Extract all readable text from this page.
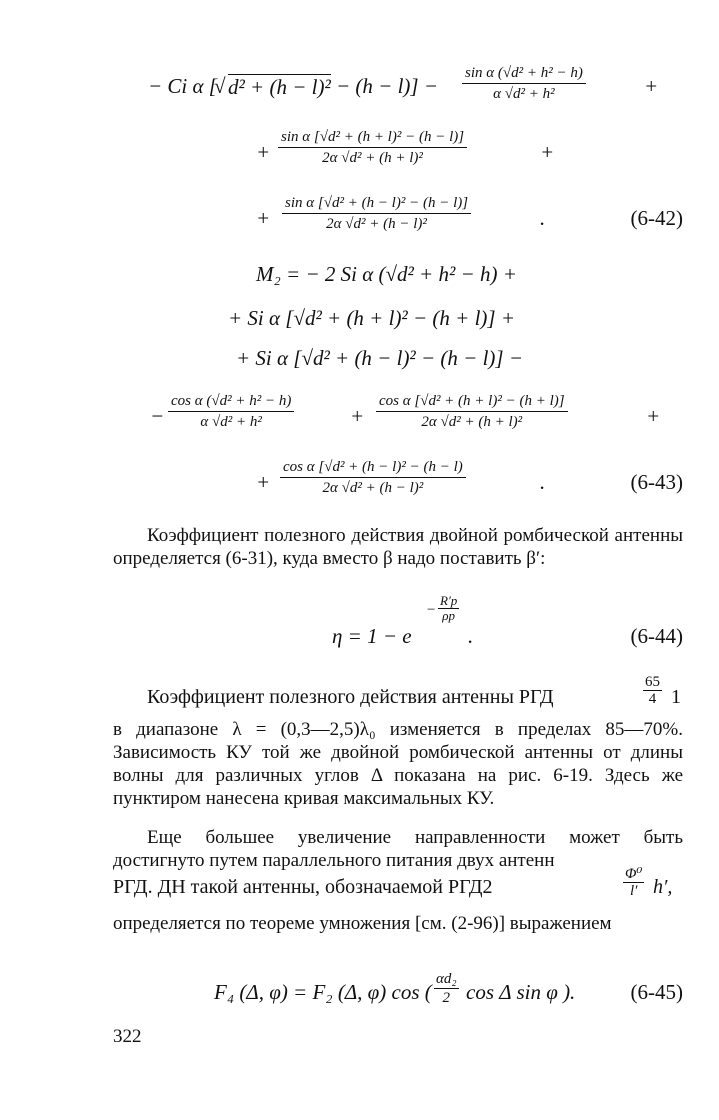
− Ci α [
√ $d^2 + (h - l)^2 - (h - l)] - \frac{\text{sin α (√d² + h² − h)}}{\text{α √d² + h²}}$	+
+ $\frac{\text{sin α [√d² + (h + l)² − (h − l)]}}{\text{2α √d² + (h + l)²}}$	+
+ $\frac{\text{sin α [√d² + (h − l)² − (h − l)]}}{\text{2α √d² + (h − l)²}}$	.	(6-42)
M₂ = − 2 Si α (√d² + h² − h) +
+ Si α [√d² + (h + l)² − (h + l)] +
+ Si α [√d² + (h − l)² − (h − l)] −
− $\frac{\text{cos α (√d² + h² − h)}}{\text{α √d² + h²}}$	+ $\frac{\text{cos α [√d² + (h + l)² − (h + l)]}}{\text{2α √d² + (h + l)²}}$	+
+ $\frac{\text{cos α [√d² + (h − l)² − (h − l)}}{\text{2α √d² + (h − l)²}}$	.	(6-43)
Коэффициент полезного действия двойной ромбической антенны определяется (6-31), куда вместо β надо поставить β′:
η = 1 − e
−
R′р
ρр
.	(6-44)
Коэффициент полезного действия антенны РГД	$\frac{65}{4} 1$
в диапазоне λ = (0,3—2,5)λ₀ изменяется в пределах 85—70%. Зависимость КУ той же двойной ромбической антенны от длины волны для различных углов Δ показана на рис. 6-19. Здесь же пунктиром нанесена кривая максимальных КУ.
Еще большее увеличение направленности может быть достигнуто путем параллельного питания двух антенн
РГД. ДН такой антенны, обозначаемой РГД2	$\frac{\text{Φ⁰}}{l'} h'$,
определяется по теореме умножения [см. (2-96)] выражением
F₄ (Δ, φ) = F₂ (Δ, φ) cos ( $\frac{\text{αd₂}}{2}$ cos Δ sin φ ).	(6-45)
322
